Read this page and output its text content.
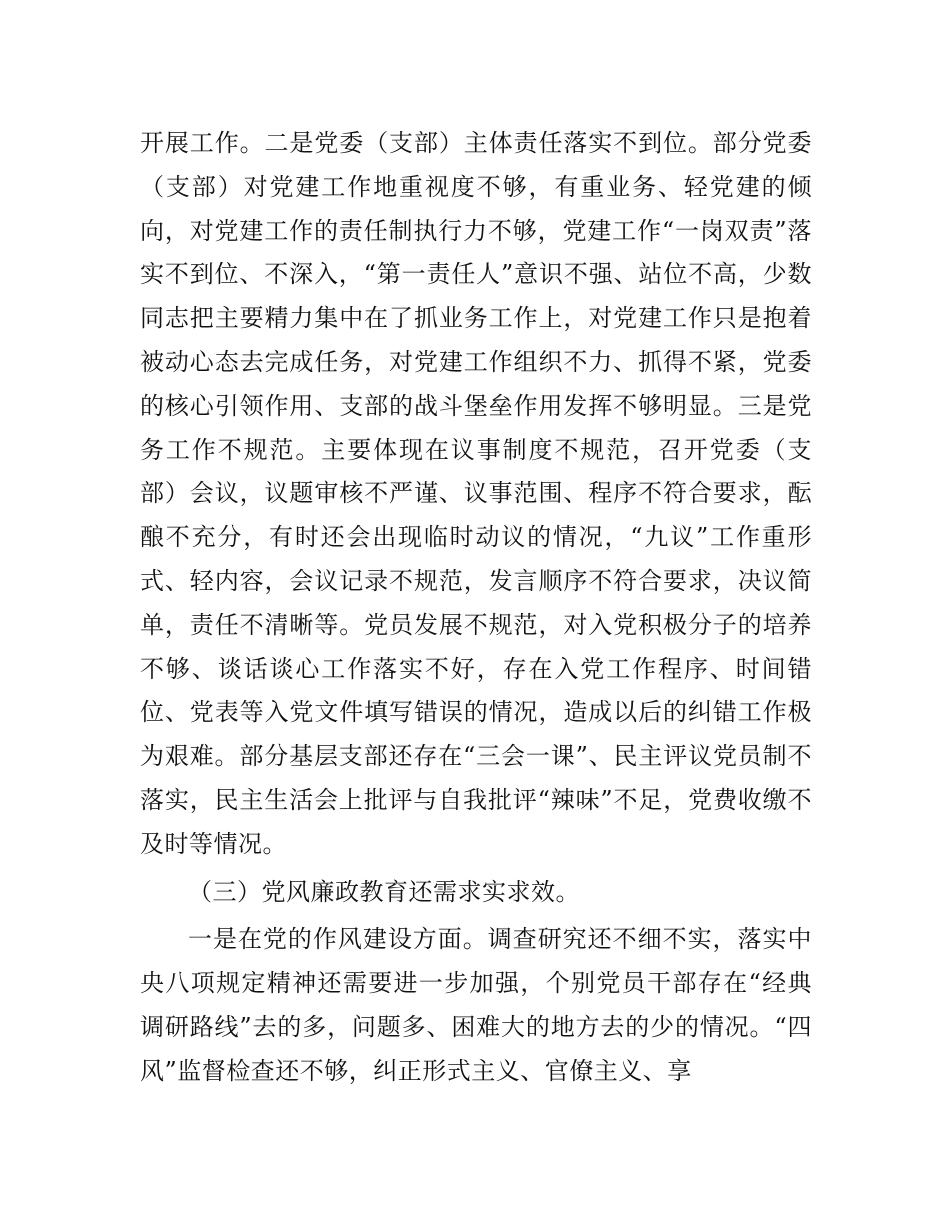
开展工作。二是党委（支部）主体责任落实不到位。部分党委（支部）对党建工作地重视度不够，有重业务、轻党建的倾向，对党建工作的责任制执行力不够，党建工作“一岗双责”落实不到位、不深入，“第一责任人”意识不强、站位不高，少数同志把主要精力集中在了抓业务工作上，对党建工作只是抱着被动心态去完成任务，对党建工作组织不力、抓得不紧，党委的核心引领作用、支部的战斗堡垒作用发挥不够明显。三是党务工作不规范。主要体现在议事制度不规范，召开党委（支部）会议，议题审核不严谨、议事范围、程序不符合要求，酝酿不充分，有时还会出现临时动议的情况，“九议”工作重形式、轻内容，会议记录不规范，发言顺序不符合要求，决议简单，责任不清晰等。党员发展不规范，对入党积极分子的培养不够、谈话谈心工作落实不好，存在入党工作程序、时间错位、党表等入党文件填写错误的情况，造成以后的纠错工作极为艰难。部分基层支部还存在“三会一课”、民主评议党员制不落实，民主生活会上批评与自我批评“辣味”不足，党费收缴不及时等情况。

（三）党风廉政教育还需求实求效。

一是在党的作风建设方面。调查研究还不细不实，落实中央八项规定精神还需要进一步加强，个别党员干部存在“经典调研路线”去的多，问题多、困难大的地方去的少的情况。“四风”监督检查还不够，纠正形式主义、官僚主义、享
